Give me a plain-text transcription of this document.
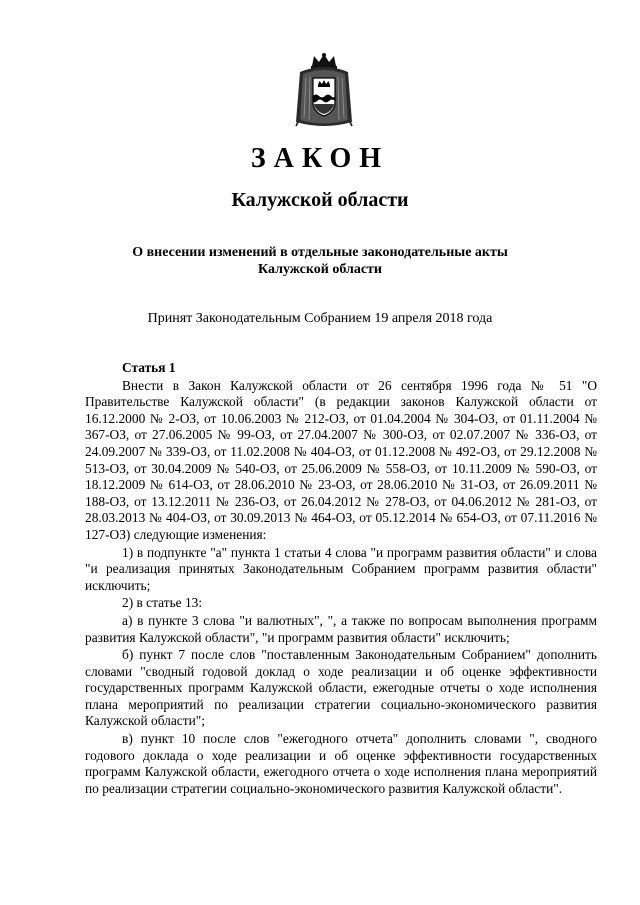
ЗАКОН
Калужской области
О внесении изменений в отдельные законодательные акты
Калужской области
Принят Законодательным Собранием 19 апреля 2018 года

Статья 1

Внести в Закон Калужской области от 26 сентября 1996 года № 51 "О Правительстве Калужской области" (в редакции законов Калужской области от 16.12.2000 № 2-ОЗ, от 10.06.2003 № 212-ОЗ, от 01.04.2004 № 304-ОЗ, от 01.11.2004 № 367-ОЗ, от 27.06.2005 № 99-ОЗ, от 27.04.2007 № 300-ОЗ, от 02.07.2007 № 336-ОЗ, от 24.09.2007 № 339-ОЗ, от 11.02.2008 № 404-ОЗ, от 01.12.2008 № 492-ОЗ, от 29.12.2008 № 513-ОЗ, от 30.04.2009 № 540-ОЗ, от 25.06.2009 № 558-ОЗ, от 10.11.2009 № 590-ОЗ, от 18.12.2009 № 614-ОЗ, от 28.06.2010 № 23-ОЗ, от 28.06.2010 № 31-ОЗ, от 26.09.2011 № 188-ОЗ, от 13.12.2011 № 236-ОЗ, от 26.04.2012 № 278-ОЗ, от 04.06.2012 № 281-ОЗ, от 28.03.2013 № 404-ОЗ, от 30.09.2013 № 464-ОЗ, от 05.12.2014 № 654-ОЗ, от 07.11.2016 № 127-ОЗ) следующие изменения:

1) в подпункте "а" пункта 1 статьи 4 слова "и программ развития области" и слова "и реализация принятых Законодательным Собранием программ развития области" исключить;

2) в статье 13:

а) в пункте 3 слова "и валютных", ", а также по вопросам выполнения программ развития Калужской области", "и программ развития области" исключить;

б) пункт 7 после слов "поставленным Законодательным Собранием" дополнить словами "сводный годовой доклад о ходе реализации и об оценке эффективности государственных программ Калужской области, ежегодные отчеты о ходе исполнения плана мероприятий по реализации стратегии социально-экономического развития Калужской области";

в) пункт 10 после слов "ежегодного отчета" дополнить словами ", сводного годового доклада о ходе реализации и об оценке эффективности государственных программ Калужской области, ежегодного отчета о ходе исполнения плана мероприятий по реализации стратегии социально-экономического развития Калужской области".
